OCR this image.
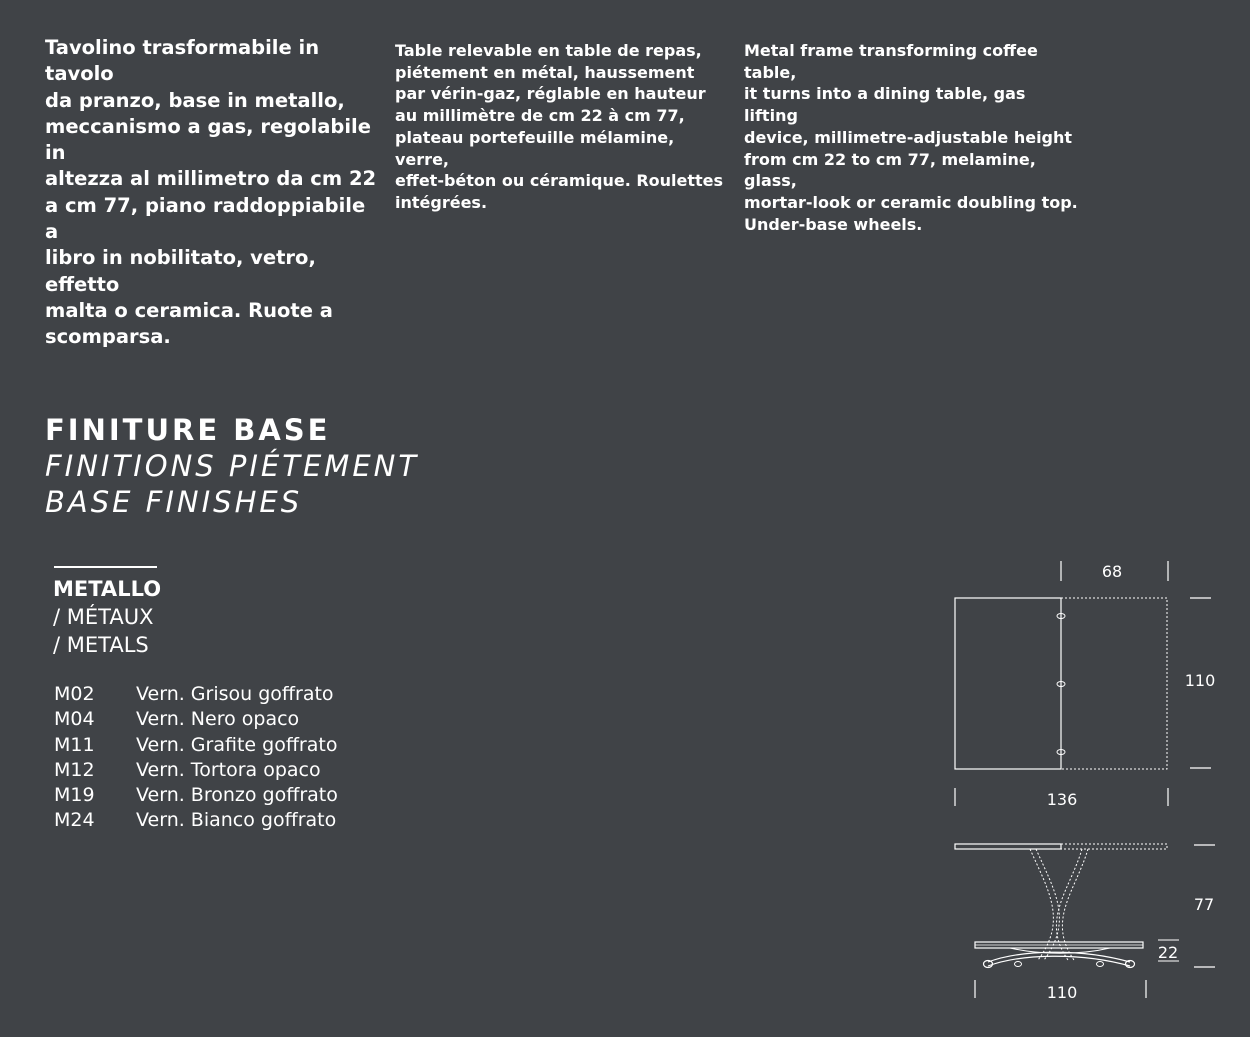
Tavolino trasformabile in tavolo
da pranzo, base in metallo,
meccanismo a gas, regolabile in
altezza al millimetro da cm 22
a cm 77, piano raddoppiabile a
libro in nobilitato, vetro, effetto
malta o ceramica. Ruote a
scomparsa.
Table relevable en table de repas,
piétement en métal, haussement
par vérin-gaz, réglable en hauteur
au millimètre de cm 22 à cm 77,
plateau portefeuille mélamine, verre,
effet-béton ou céramique. Roulettes
intégrées.
Metal frame transforming coffee table,
it turns into a dining table, gas lifting
device, millimetre-adjustable height
from cm 22 to cm 77, melamine, glass,
mortar-look or ceramic doubling top.
Under-base wheels.
FINITURE BASE
FINITIONS PIÉTEMENT
BASE FINISHES
METALLO
/ MÉTAUX
/ METALS
M02	Vern. Grisou goffrato
M04	Vern. Nero opaco
M11	Vern. Grafite goffrato
M12	Vern. Tortora opaco
M19	Vern. Bronzo goffrato
M24	Vern. Bianco goffrato
68
110
136
77
22
110
